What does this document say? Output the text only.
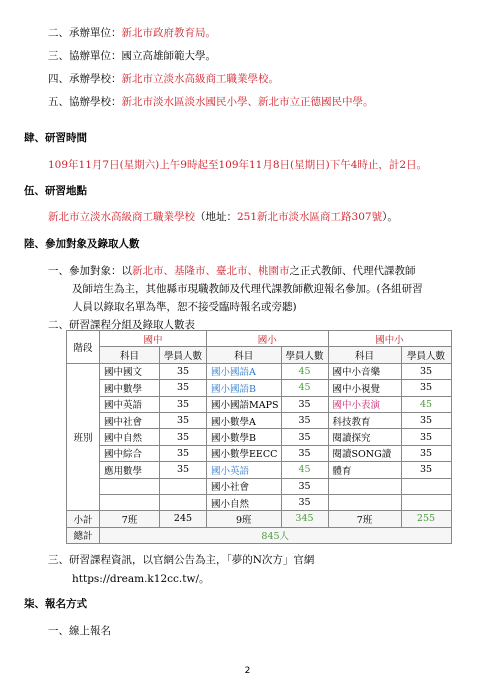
二、承辦單位：新北市政府教育局。
三、協辦單位：國立高雄師範大學。
四、承辦學校：新北市立淡水高級商工職業學校。
五、協辦學校：新北市淡水區淡水國民小學、新北市立正德國民中學。
肆、研習時間
109年11月7日(星期六)上午9時起至109年11月8日(星期日)下午4時止，計2日。
伍、研習地點
新北市立淡水高級商工職業學校（地址：251新北市淡水區商工路307號）。
陸、參加對象及錄取人數
一、參加對象：以新北市、基隆市、臺北市、桃園市之正式教師、代理代課教師
及師培生為主，其他縣市現職教師及代理代課教師歡迎報名參加。(各組研習
人員以錄取名單為準，恕不接受臨時報名或旁聽)
二、研習課程分組及錄取人數表
階段	國中		國小		國中小	
	科目	學員人數	科目	學員人數	科目	學員人數
班別	國中國文	35	國小國語A	45	國中小音樂	35
	國中數學	35	國小國語B	45	國中小視覺	35
	國中英語	35	國小國語MAPS	35	國中小表演	45
	國中社會	35	國小數學A	35	科技教育	35
	國中自然	35	國小數學B	35	閱讀探究	35
	國中綜合	35	國小數學EECC	35	閱讀SONG讀	35
	應用數學	35	國小英語	45	體育	35
			國小社會	35		
			國小自然	35		
小計	7班	245	9班	345	7班	255
總計	845人					
三、研習課程資訊，以官網公告為主，「夢的N次方」官網
https://dream.k12cc.tw/。
柒、報名方式
一、線上報名
2
